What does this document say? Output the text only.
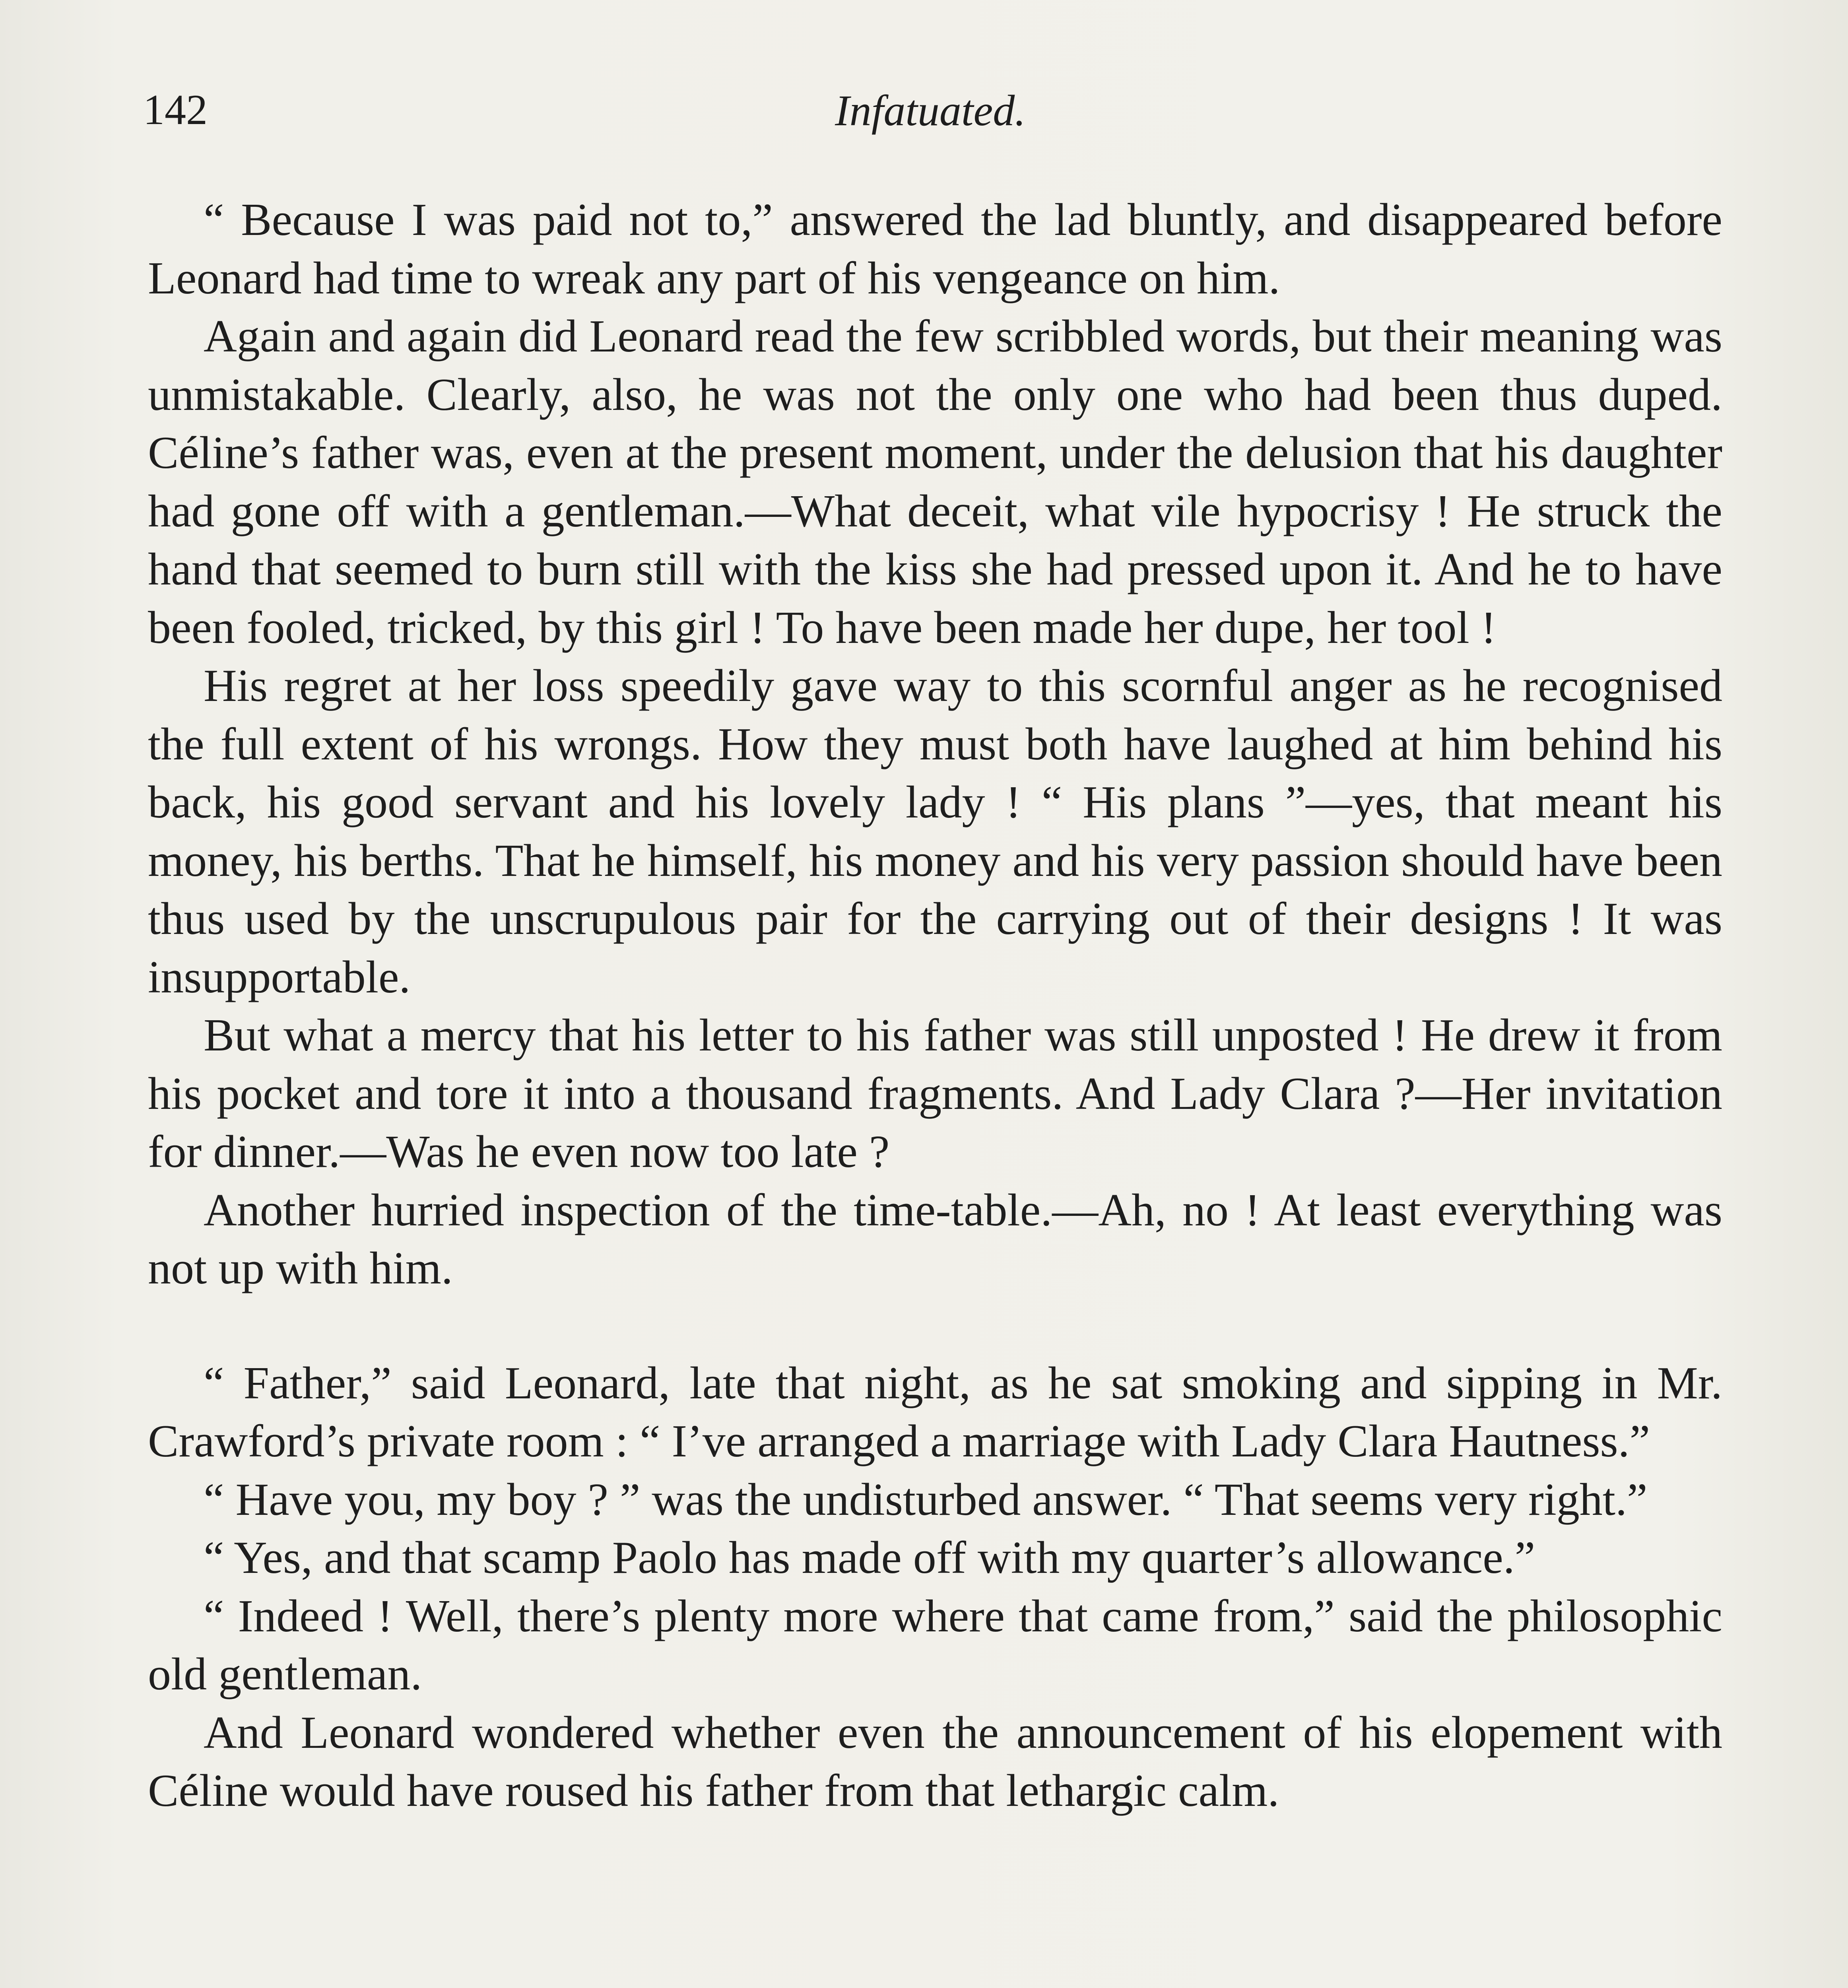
142	Infatuated.

“ Because I was paid not to,” answered the lad bluntly, and disappeared before Leonard had time to wreak any part of his vengeance on him.

Again and again did Leonard read the few scribbled words, but their meaning was unmistakable. Clearly, also, he was not the only one who had been thus duped. Céline’s father was, even at the present moment, under the delusion that his daughter had gone off with a gentleman.—What deceit, what vile hypocrisy ! He struck the hand that seemed to burn still with the kiss she had pressed upon it. And he to have been fooled, tricked, by this girl ! To have been made her dupe, her tool !

His regret at her loss speedily gave way to this scornful anger as he recognised the full extent of his wrongs. How they must both have laughed at him behind his back, his good servant and his lovely lady ! “ His plans ”—yes, that meant his money, his berths. That he himself, his money and his very passion should have been thus used by the unscrupulous pair for the carrying out of their designs ! It was insupportable.

But what a mercy that his letter to his father was still unposted ! He drew it from his pocket and tore it into a thousand fragments. And Lady Clara ?—Her invitation for dinner.—Was he even now too late ?

Another hurried inspection of the time-table.—Ah, no ! At least everything was not up with him.

“ Father,” said Leonard, late that night, as he sat smoking and sipping in Mr. Crawford’s private room : “ I’ve arranged a marriage with Lady Clara Hautness.”

“ Have you, my boy ? ” was the undisturbed answer. “ That seems very right.”

“ Yes, and that scamp Paolo has made off with my quarter’s allowance.”

“ Indeed ! Well, there’s plenty more where that came from,” said the philosophic old gentleman.

And Leonard wondered whether even the announcement of his elopement with Céline would have roused his father from that lethargic calm.
